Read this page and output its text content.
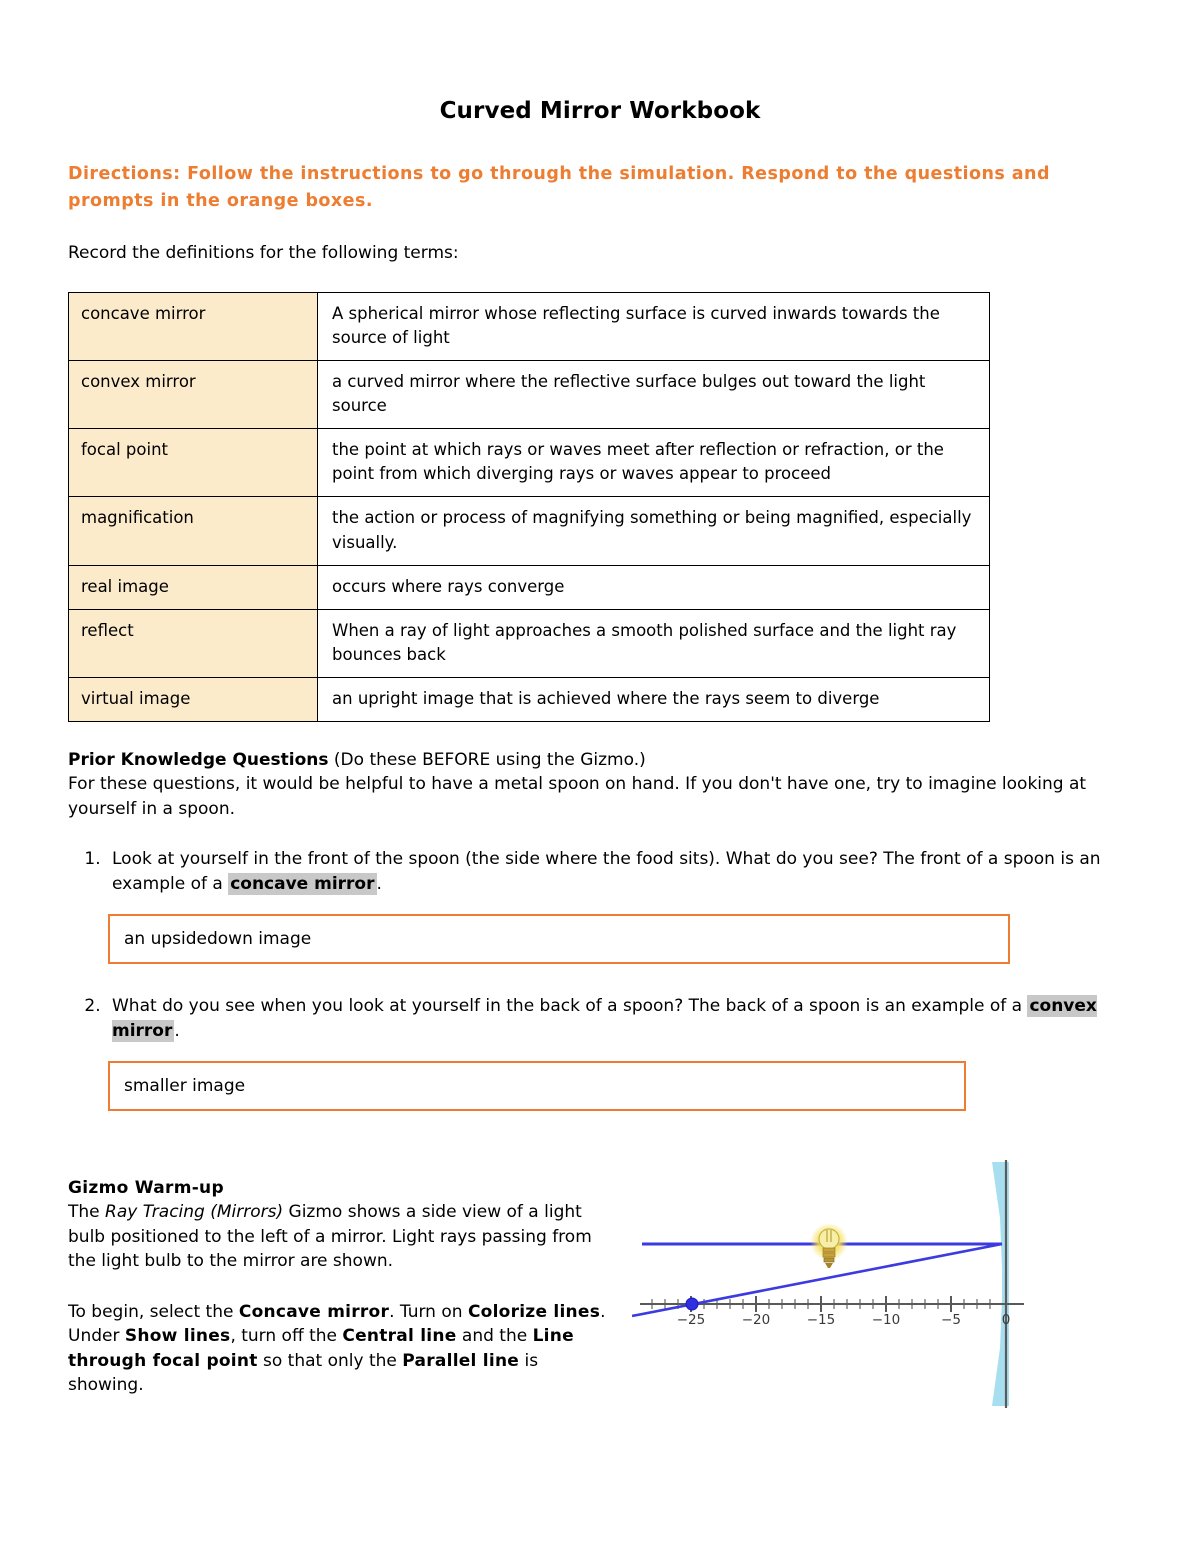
Curved Mirror Workbook
Directions: Follow the instructions to go through the simulation. Respond to the questions and prompts in the orange boxes.
Record the definitions for the following terms:
concave mirror	A spherical mirror whose reflecting surface is curved inwards towards the source of light
convex mirror	a curved mirror where the reflective surface bulges out toward the light source
focal point	the point at which rays or waves meet after reflection or refraction, or the point from which diverging rays or waves appear to proceed
magnification	the action or process of magnifying something or being magnified, especially visually.
real image	occurs where rays converge
reflect	When a ray of light approaches a smooth polished surface and the light ray bounces back
virtual image	an upright image that is achieved where the rays seem to diverge
Prior Knowledge Questions (Do these BEFORE using the Gizmo.)
For these questions, it would be helpful to have a metal spoon on hand. If you don't have one, try to imagine looking at yourself in a spoon.
1. Look at yourself in the front of the spoon (the side where the food sits). What do you see? The front of a spoon is an example of a concave mirror .
an upsidedown image
2. What do you see when you look at yourself in the back of a spoon? The back of a spoon is an example of a convex mirror .
smaller image

Gizmo Warm-up

The Ray Tracing (Mirrors) Gizmo shows a side view of a light bulb positioned to the left of a mirror. Light rays passing from the light bulb to the mirror are shown.

To begin, select the Concave mirror. Turn on Colorize lines. Under Show lines, turn off the Central line and the Line through focal point so that only the Parallel line is showing.

−25	−20	−15	−10	−5	0
